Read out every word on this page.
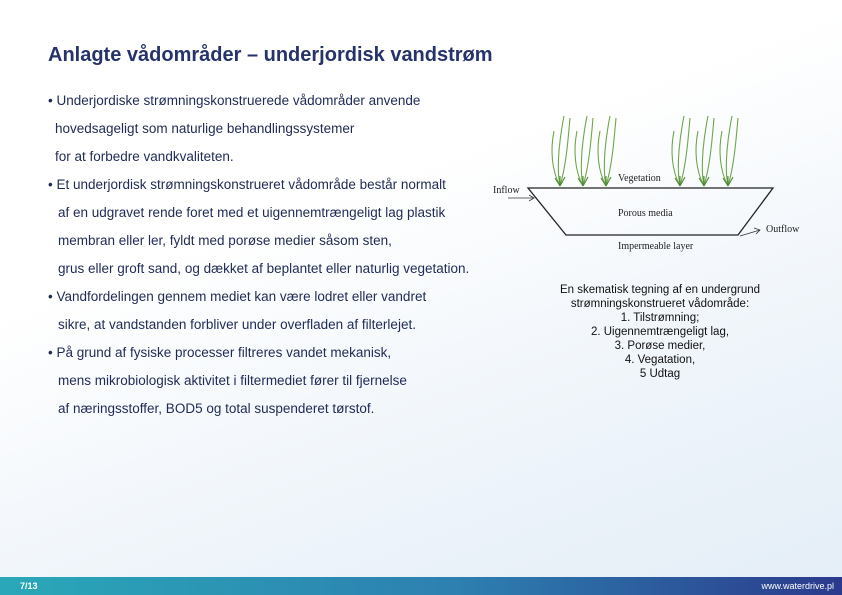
Anlagte vådområder – underjordisk vandstrøm
• Underjordiske strømningskonstruerede vådområder anvende
hovedsageligt som naturlige behandlingssystemer
for at forbedre vandkvaliteten.
• Et underjordisk strømningskonstrueret vådområde består normalt
af en udgravet rende foret med et uigennemtrængeligt lag plastik
membran eller ler, fyldt med porøse medier såsom sten,
grus eller groft sand, og dækket af beplantet eller naturlig vegetation.
• Vandfordelingen gennem mediet kan være lodret eller vandret
sikre, at vandstanden forbliver under overfladen af filterlejet.
• På grund af fysiske processer filtreres vandet mekanisk,
mens mikrobiologisk aktivitet i filtermediet fører til fjernelse
af næringsstoffer, BOD5 og total suspenderet tørstof.
Vegetation
Inflow
Porous media
Outflow
Impermeable layer
En skematisk tegning af en undergrund
strømningskonstrueret vådområde:
1. Tilstrømning;
2. Uigennemtrængeligt lag,
3. Porøse medier,
4. Vegatation,
5 Udtag
7/13	www.waterdrive.pl
